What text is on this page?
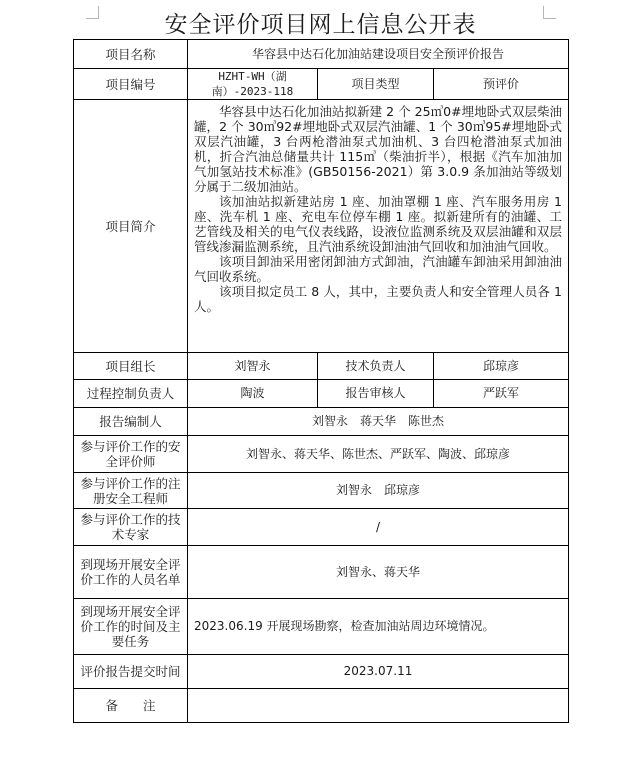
安全评价项目网上信息公开表
项目名称	华容县中达石化加油站建设项目安全预评价报告		
项目编号	HZHT-WH（湖南）-2023-118	项目类型	预评价
项目简介	华容县中达石化加油站拟新建 2 个 25㎥0#埋地卧式双层柴油罐，2 个 30㎥92#埋地卧式双层汽油罐、1 个 30㎥95#埋地卧式双层汽油罐，3 台两枪潜油泵式加油机、3 台四枪潜油泵式加油机，折合汽油总储量共计 115㎥（柴油折半），根据《汽车加油加气加氢站技术标准》(GB50156-2021）第 3.0.9 条加油站等级划分属于二级加油站。

该加油站拟新建站房 1 座、加油罩棚 1 座、汽车服务用房 1 座、洗车机 1 座、充电车位停车棚 1 座。拟新建所有的油罐、工艺管线及相关的电气仪表线路，设液位监测系统及双层油罐和双层管线渗漏监测系统，且汽油系统设卸油油气回收和加油油气回收。

该项目卸油采用密闭卸油方式卸油，汽油罐车卸油采用卸油油气回收系统。

该项目拟定员工 8 人，其中，主要负责人和安全管理人员各 1 人。		

项目组长	刘智永	技术负责人	邱琼彦
过程控制负责人	陶波	报告审核人	严跃军
报告编制人	刘智永　蒋天华　陈世杰		
参与评价工作的安全评价师	刘智永、蒋天华、陈世杰、严跃军、陶波、邱琼彦		
参与评价工作的注册安全工程师	刘智永　邱琼彦		
参与评价工作的技术专家	/		
到现场开展安全评价工作的人员名单	刘智永、蒋天华		
到现场开展安全评价工作的时间及主要任务	2023.06.19 开展现场勘察，检查加油站周边环境情况。		
评价报告提交时间	2023.07.11		
备　　注			
